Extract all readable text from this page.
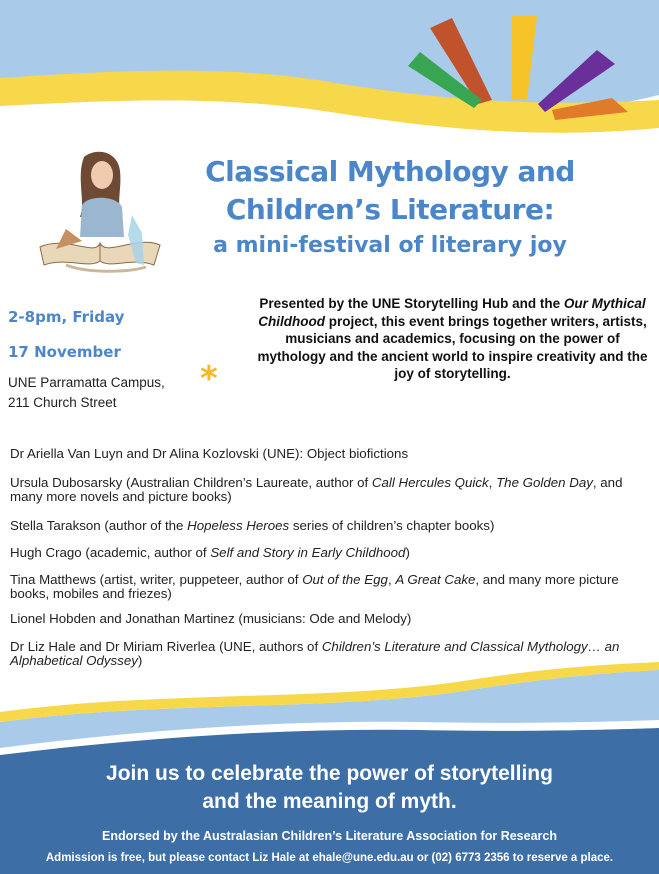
Classical Mythology and
Children’s Literature:
a mini-festival of literary joy
2-8pm, Friday
17 November
UNE Parramatta Campus,
211 Church Street
*
Presented by the UNE Storytelling Hub and the Our Mythical Childhood project, this event brings together writers, artists, musicians and academics, focusing on the power of mythology and the ancient world to inspire creativity and the joy of storytelling.
Dr Ariella Van Luyn and Dr Alina Kozlovski (UNE): Object biofictions
Ursula Dubosarsky (Australian Children’s Laureate, author of Call Hercules Quick, The Golden Day, and many more novels and picture books)
Stella Tarakson (author of the Hopeless Heroes series of children’s chapter books)
Hugh Crago (academic, author of Self and Story in Early Childhood)
Tina Matthews (artist, writer, puppeteer, author of Out of the Egg, A Great Cake, and many more picture books, mobiles and friezes)
Lionel Hobden and Jonathan Martinez (musicians: Ode and Melody)
Dr Liz Hale and Dr Miriam Riverlea (UNE, authors of Children’s Literature and Classical Mythology… an Alphabetical Odyssey)
Join us to celebrate the power of storytelling
and the meaning of myth.
Endorsed by the Australasian Children’s Literature Association for Research
Admission is free, but please contact Liz Hale at ehale@une.edu.au or (02) 6773 2356 to reserve a place.
